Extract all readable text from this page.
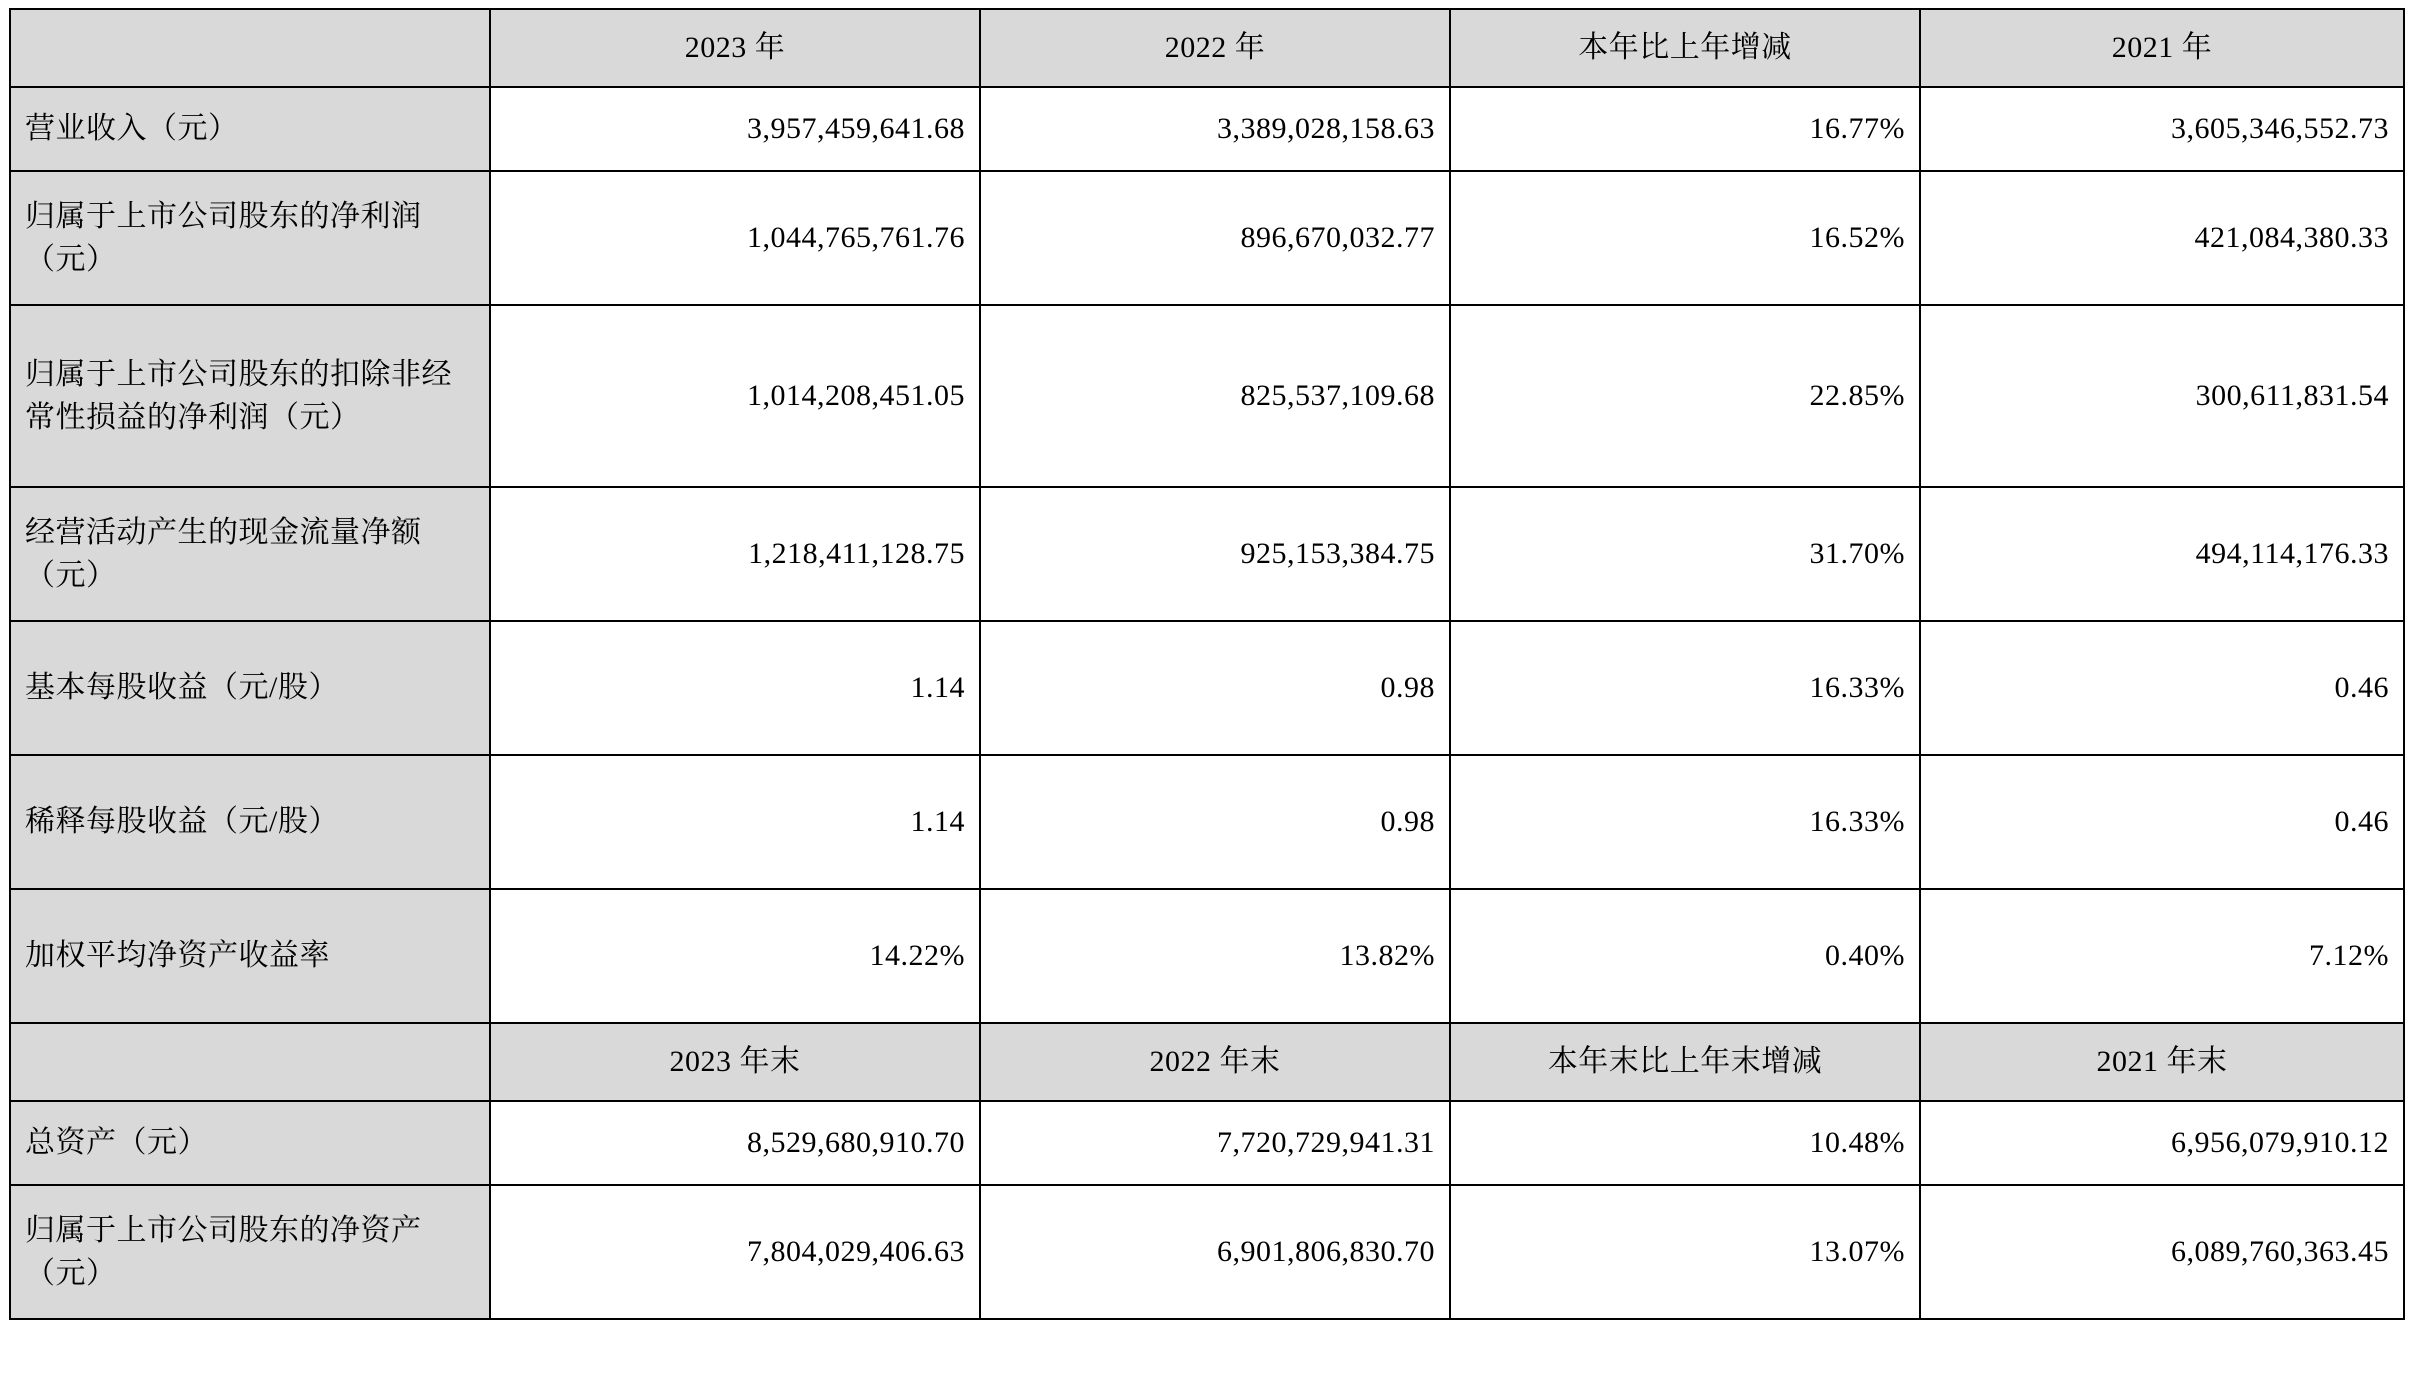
	2023 年	2022 年	本年比上年增减	2021 年
营业收入（元）	3,957,459,641.68	3,389,028,158.63	16.77%	3,605,346,552.73
归属于上市公司股东的净利润（元）	1,044,765,761.76	896,670,032.77	16.52%	421,084,380.33
归属于上市公司股东的扣除非经常性损益的净利润（元）	1,014,208,451.05	825,537,109.68	22.85%	300,611,831.54
经营活动产生的现金流量净额（元）	1,218,411,128.75	925,153,384.75	31.70%	494,114,176.33
基本每股收益（元/股）	1.14	0.98	16.33%	0.46
稀释每股收益（元/股）	1.14	0.98	16.33%	0.46
加权平均净资产收益率	14.22%	13.82%	0.40%	7.12%
	2023 年末	2022 年末	本年末比上年末增减	2021 年末
总资产（元）	8,529,680,910.70	7,720,729,941.31	10.48%	6,956,079,910.12
归属于上市公司股东的净资产（元）	7,804,029,406.63	6,901,806,830.70	13.07%	6,089,760,363.45
